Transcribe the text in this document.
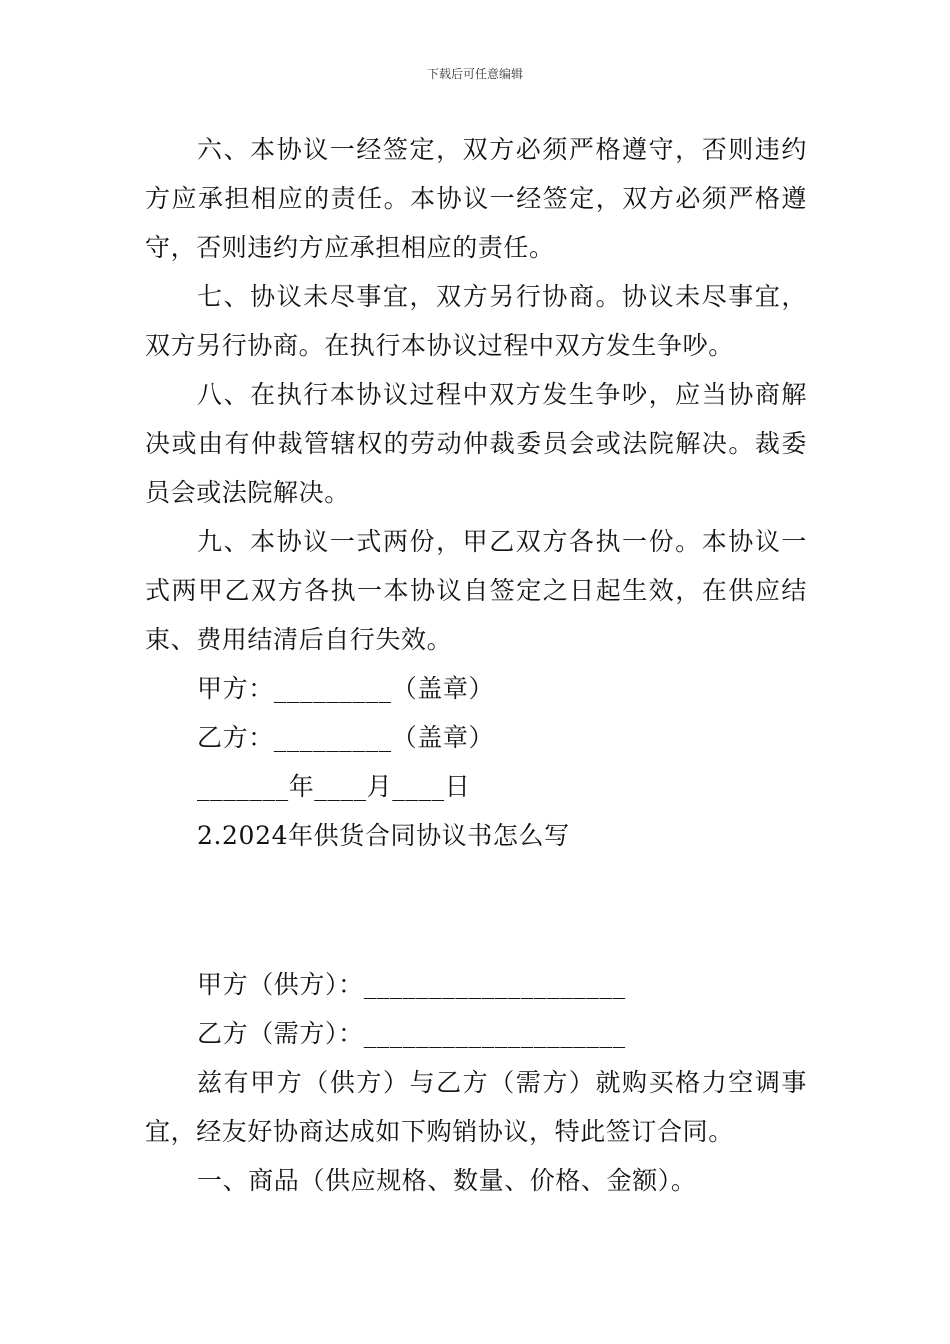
下载后可任意编辑

六、本协议一经签定，双方必须严格遵守，否则违约方应承担相应的责任。本协议一经签定，双方必须严格遵守，否则违约方应承担相应的责任。

七、协议未尽事宜，双方另行协商。协议未尽事宜，双方另行协商。在执行本协议过程中双方发生争吵。

八、在执行本协议过程中双方发生争吵，应当协商解决或由有仲裁管辖权的劳动仲裁委员会或法院解决。裁委员会或法院解决。

九、本协议一式两份，甲乙双方各执一份。本协议一式两甲乙双方各执一本协议自签定之日起生效，在供应结束、费用结清后自行失效。

甲方：_________（盖章）
乙方：_________（盖章）
_______年____月____日
2.2024年供货合同协议书怎么写
甲方（供方）：____________________
乙方（需方）：____________________

兹有甲方（供方）与乙方（需方）就购买格力空调事宜，经友好协商达成如下购销协议，特此签订合同。

一、商品（供应规格、数量、价格、金额）。
